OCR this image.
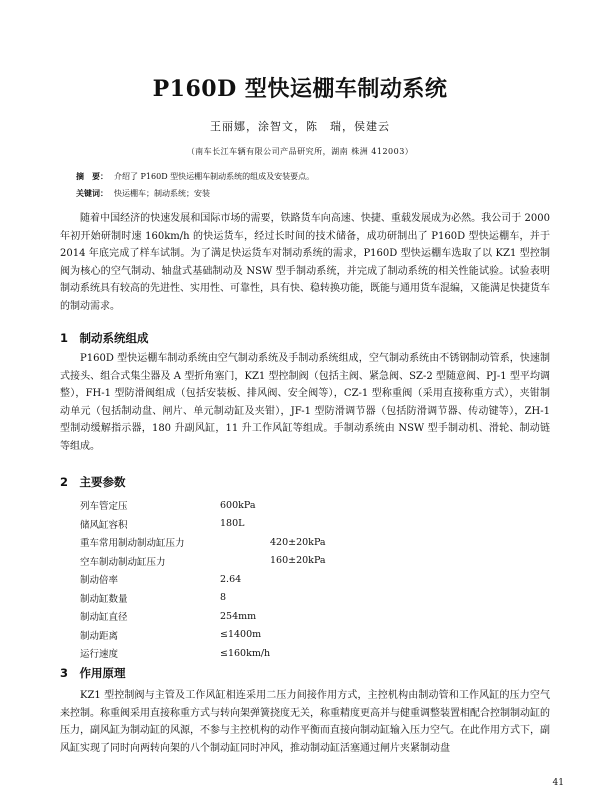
P160D 型快运棚车制动系统
王丽娜，涂智文，陈　瑞，侯建云
（南车长江车辆有限公司产品研究所，湖南 株洲 412003）
摘　要： 介绍了 P160D 型快运棚车制动系统的组成及安装要点。
关键词： 快运棚车；制动系统；安装

随着中国经济的快速发展和国际市场的需要，铁路货车向高速、快捷、重载发展成为必然。我公司于 2000 年初开始研制时速 160km/h 的快运货车，经过长时间的技术储备，成功研制出了 P160D 型快运棚车，并于 2014 年底完成了样车试制。为了满足快运货车对制动系统的需求，P160D 型快运棚车选取了以 KZ1 型控制阀为核心的空气制动、轴盘式基础制动及 NSW 型手制动系统，并完成了制动系统的相关性能试验。试验表明制动系统具有较高的先进性、实用性、可靠性，具有快、稳转换功能，既能与通用货车混编，又能满足快捷货车的制动需求。

1　制动系统组成

P160D 型快运棚车制动系统由空气制动系统及手制动系统组成，空气制动系统由不锈钢制动管系，快速制式接头、组合式集尘器及 A 型折角塞门，KZ1 型控制阀（包括主阀、紧急阀、SZ-2 型随意阀、PJ-1 型平均调整），FH-1 型防滑阀组成（包括安装板、排风阀、安全阀等），CZ-1 型称重阀（采用直接称重方式），夹钳制动单元（包括制动盘、闸片、单元制动缸及夹钳），JF-1 型防滑调节器（包括防滑调节器、传动键等），ZH-1 型制动缓解指示器，180 升副风缸，11 升工作风缸等组成。手制动系统由 NSW 型手制动机、滑轮、制动链等组成。

2　主要参数
列车管定压	600kPa
储风缸容积	180L
重车常用制动制动缸压力	420±20kPa
空车制动制动缸压力	160±20kPa
制动倍率	2.64
制动缸数量	8
制动缸直径	254mm
制动距离	≤1400m
运行速度	≤160km/h
3　作用原理

KZ1 型控制阀与主管及工作风缸相连采用二压力间接作用方式，主控机构由制动管和工作风缸的压力空气来控制。称重阀采用直接称重方式与转向架弹簧挠度无关，称重精度更高并与健重调整装置相配合控制制动缸的压力，副风缸为制动缸的风源，不参与主控机构的动作平衡而直接向制动缸输入压力空气。在此作用方式下，副风缸实现了同时向两转向架的八个制动缸同时冲风，推动制动缸活塞通过闸片夹紧制动盘

41
